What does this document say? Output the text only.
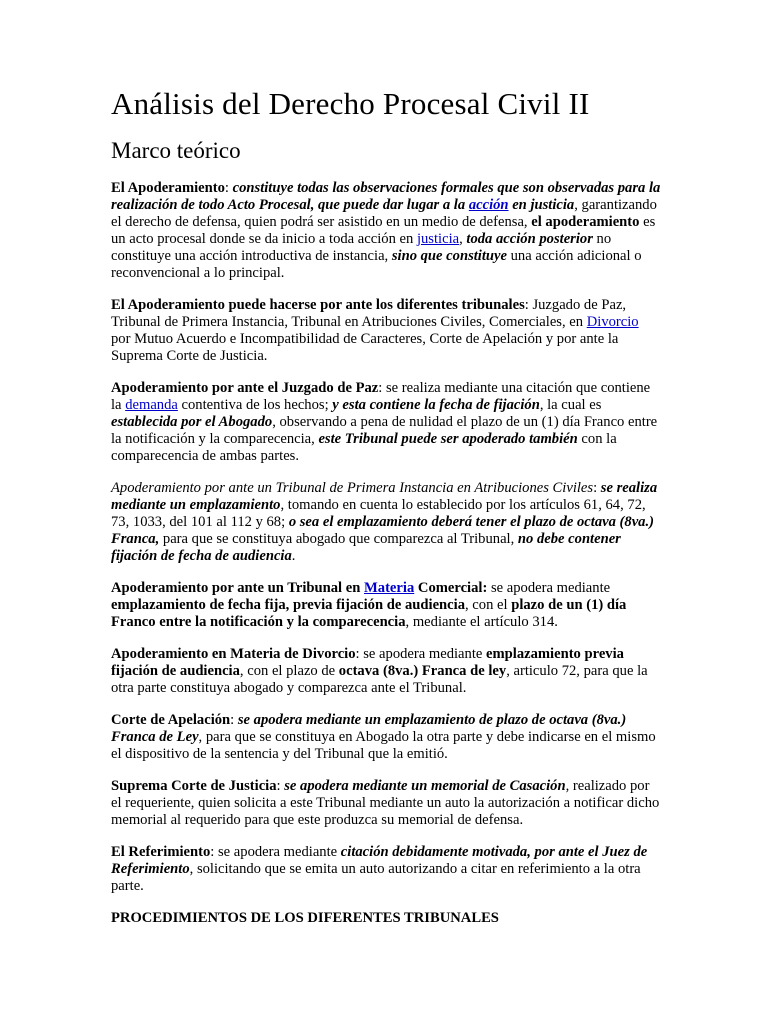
Análisis del Derecho Procesal Civil II
Marco teórico

El Apoderamiento: constituye todas las observaciones formales que son observadas para la realización de todo Acto Procesal, que puede dar lugar a la acción en justicia, garantizando el derecho de defensa, quien podrá ser asistido en un medio de defensa, el apoderamiento es un acto procesal donde se da inicio a toda acción en justicia, toda acción posterior no constituye una acción introductiva de instancia, sino que constituye una acción adicional o reconvencional a lo principal.

El Apoderamiento puede hacerse por ante los diferentes tribunales: Juzgado de Paz, Tribunal de Primera Instancia, Tribunal en Atribuciones Civiles, Comerciales, en Divorcio por Mutuo Acuerdo e Incompatibilidad de Caracteres, Corte de Apelación y por ante la Suprema Corte de Justicia.

Apoderamiento por ante el Juzgado de Paz: se realiza mediante una citación que contiene la demanda contentiva de los hechos; y esta contiene la fecha de fijación, la cual es establecida por el Abogado, observando a pena de nulidad el plazo de un (1) día Franco entre la notificación y la comparecencia, este Tribunal puede ser apoderado también con la comparecencia de ambas partes.

Apoderamiento por ante un Tribunal de Primera Instancia en Atribuciones Civiles: se realiza mediante un emplazamiento, tomando en cuenta lo establecido por los artículos 61, 64, 72, 73, 1033, del 101 al 112 y 68; o sea el emplazamiento deberá tener el plazo de octava (8va.) Franca, para que se constituya abogado que comparezca al Tribunal, no debe contener fijación de fecha de audiencia.

Apoderamiento por ante un Tribunal en Materia Comercial: se apodera mediante emplazamiento de fecha fija, previa fijación de audiencia, con el plazo de un (1) día Franco entre la notificación y la comparecencia, mediante el artículo 314.

Apoderamiento en Materia de Divorcio: se apodera mediante emplazamiento previa fijación de audiencia, con el plazo de octava (8va.) Franca de ley, articulo 72, para que la otra parte constituya abogado y comparezca ante el Tribunal.

Corte de Apelación: se apodera mediante un emplazamiento de plazo de octava (8va.) Franca de Ley, para que se constituya en Abogado la otra parte y debe indicarse en el mismo el dispositivo de la sentencia y del Tribunal que la emitió.

Suprema Corte de Justicia: se apodera mediante un memorial de Casación, realizado por el requeriente, quien solicita a este Tribunal mediante un auto la autorización a notificar dicho memorial al requerido para que este produzca su memorial de defensa.

El Referimiento: se apodera mediante citación debidamente motivada, por ante el Juez de Referimiento, solicitando que se emita un auto autorizando a citar en referimiento a la otra parte.

PROCEDIMIENTOS DE LOS DIFERENTES TRIBUNALES
